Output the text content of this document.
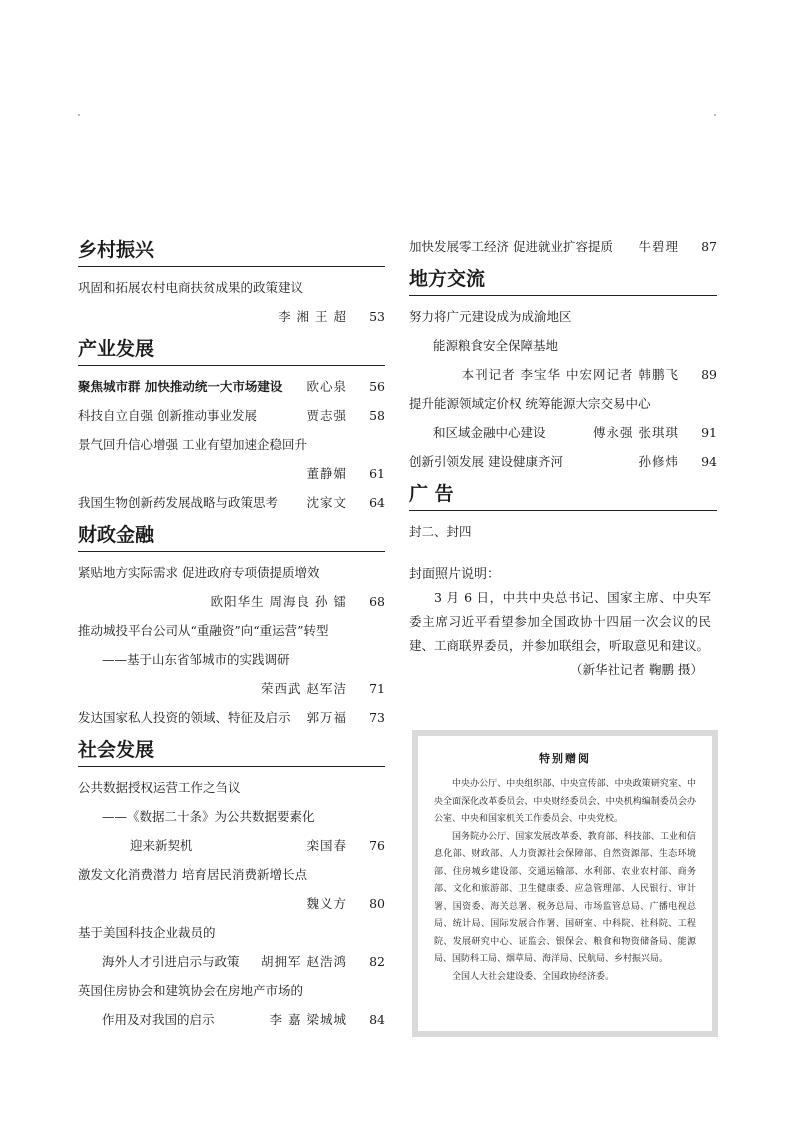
乡村振兴
巩固和拓展农村电商扶贫成果的政策建议
李 湘 王 超	53
产业发展
聚焦城市群 加快推动统一大市场建设 欧心泉	56
科技自立自强 创新推动事业发展	贾志强	58
景气回升信心增强 工业有望加速企稳回升
董静媚	61
我国生物创新药发展战略与政策思考 沈家文	64
财政金融
紧贴地方实际需求 促进政府专项债提质增效
欧阳华生 周海良 孙 镭	68
推动城投平台公司从“重融资”向“重运营”转型
——基于山东省邹城市的实践调研
荣西武 赵军洁	71
发达国家私人投资的领域、特征及启示 郭万福	73
社会发展
公共数据授权运营工作之刍议
——《数据二十条》为公共数据要素化
迎来新契机	栾国春	76
激发文化消费潜力 培育居民消费新增长点
魏义方	80
基于美国科技企业裁员的
海外人才引进启示与政策 胡拥军 赵浩鸿	82
英国住房协会和建筑协会在房地产市场的
作用及对我国的启示	李 嘉 梁城城	84
加快发展零工经济 促进就业扩容提质 牛碧理	87
地方交流
努力将广元建设成为成渝地区
能源粮食安全保障基地
本刊记者 李宝华 中宏网记者 韩鹏飞	89
提升能源领域定价权 统筹能源大宗交易中心
和区域金融中心建设	傅永强 张琪琪	91
创新引领发展 建设健康齐河	孙修炜	94
广 告
封二、封四
封面照片说明：
3 月 6 日，中共中央总书记、国家主席、中央军委主席习近平看望参加全国政协十四届一次会议的民建、工商联界委员，并参加联组会，听取意见和建议。
（新华社记者 鞠鹏 摄）
特别赠阅
中央办公厅、中央组织部、中央宣传部、中央政策研究室、中央全面深化改革委员会、中央财经委员会、中央机构编制委员会办公室、中央和国家机关工作委员会、中央党校。
国务院办公厅、国家发展改革委、教育部、科技部、工业和信息化部、财政部、人力资源社会保障部、自然资源部、生态环境部、住房城乡建设部、交通运输部、水利部、农业农村部、商务部、文化和旅游部、卫生健康委、应急管理部、人民银行、审计署、国资委、海关总署、税务总局、市场监管总局、广播电视总局、统计局、国际发展合作署、国研室、中科院、社科院、工程院、发展研究中心、证监会、银保会、粮食和物资储备局、能源局、国防科工局、烟草局、海洋局、民航局、乡村振兴局。
全国人大社会建设委、全国政协经济委。
